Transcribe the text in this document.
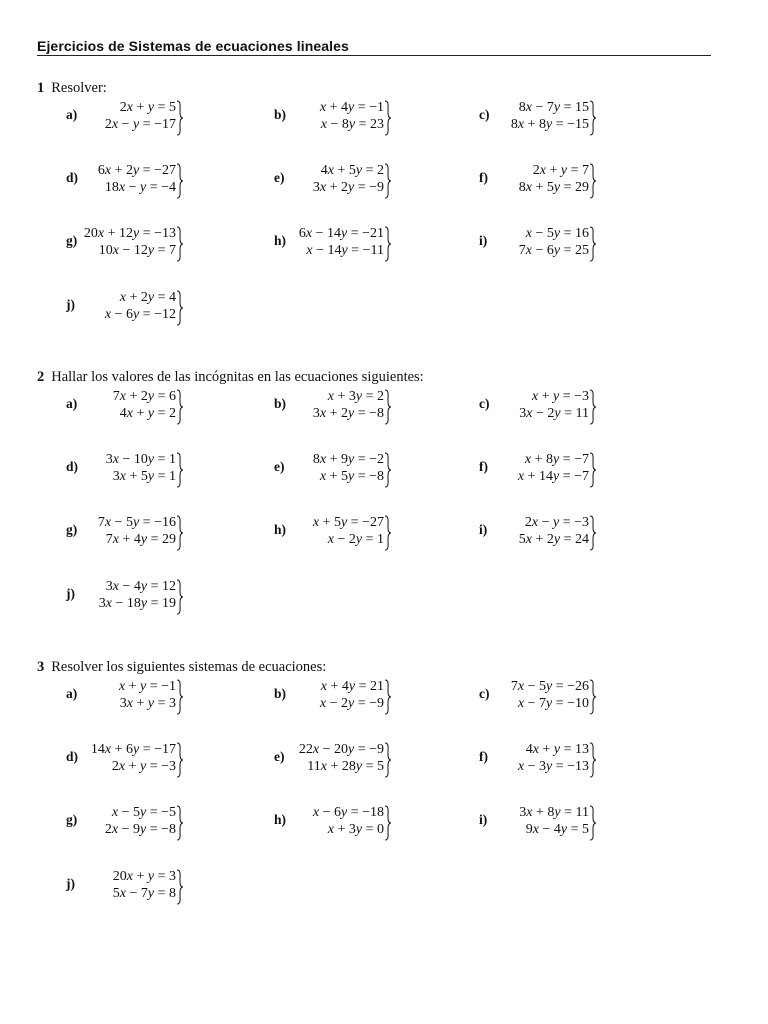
Ejercicios de Sistemas de ecuaciones lineales
1 Resolver:
a)	2x + y = 5
2x − y = −17
b) x + 4y = −1
x − 8y = 23
c) 8x − 7y = 15
8x + 8y = −15
d) 6x + 2y = −27
18x − y = −4
e)	4x + 5y = 2
3x + 2y = −9
f)	2x + y = 7
8x + 5y = 29
g) 20x + 12y = −13
10x − 12y = 7
h) 6x − 14y = −21
x − 14y = −11
i)	x − 5y = 16
7x − 6y = 25
j)	x + 2y = 4
x − 6y = −12
2 Hallar los valores de las incógnitas en las ecuaciones siguientes:
a)	7x + 2y = 6
4x + y = 2
b)	x + 3y = 2
3x + 2y = −8
c)	x + y = −3
3x − 2y = 11
d) 3x − 10y = 1
3x + 5y = 1
e) 8x + 9y = −2
x + 5y = −8
f)	x + 8y = −7
x + 14y = −7
g) 7x − 5y = −16
7x + 4y = 29
h) x + 5y = −27
x − 2y = 1
i)	2x − y = −3
5x + 2y = 24
j) 3x − 4y = 12
3x − 18y = 19
3 Resolver los siguientes sistemas de ecuaciones:
a)	x + y = −1
3x + y = 3
b) x + 4y = 21
x − 2y = −9
c) 7x − 5y = −26
x − 7y = −10
d) 14x + 6y = −17
2x + y = −3
e) 22x − 20y = −9
11x + 28y = 5
f)	4x + y = 13
x − 3y = −13
g) x − 5y = −5
2x − 9y = −8
h) x − 6y = −18
x + 3y = 0
i) 3x + 8y = 11
9x − 4y = 5
j)	20x + y = 3
5x − 7y = 8
